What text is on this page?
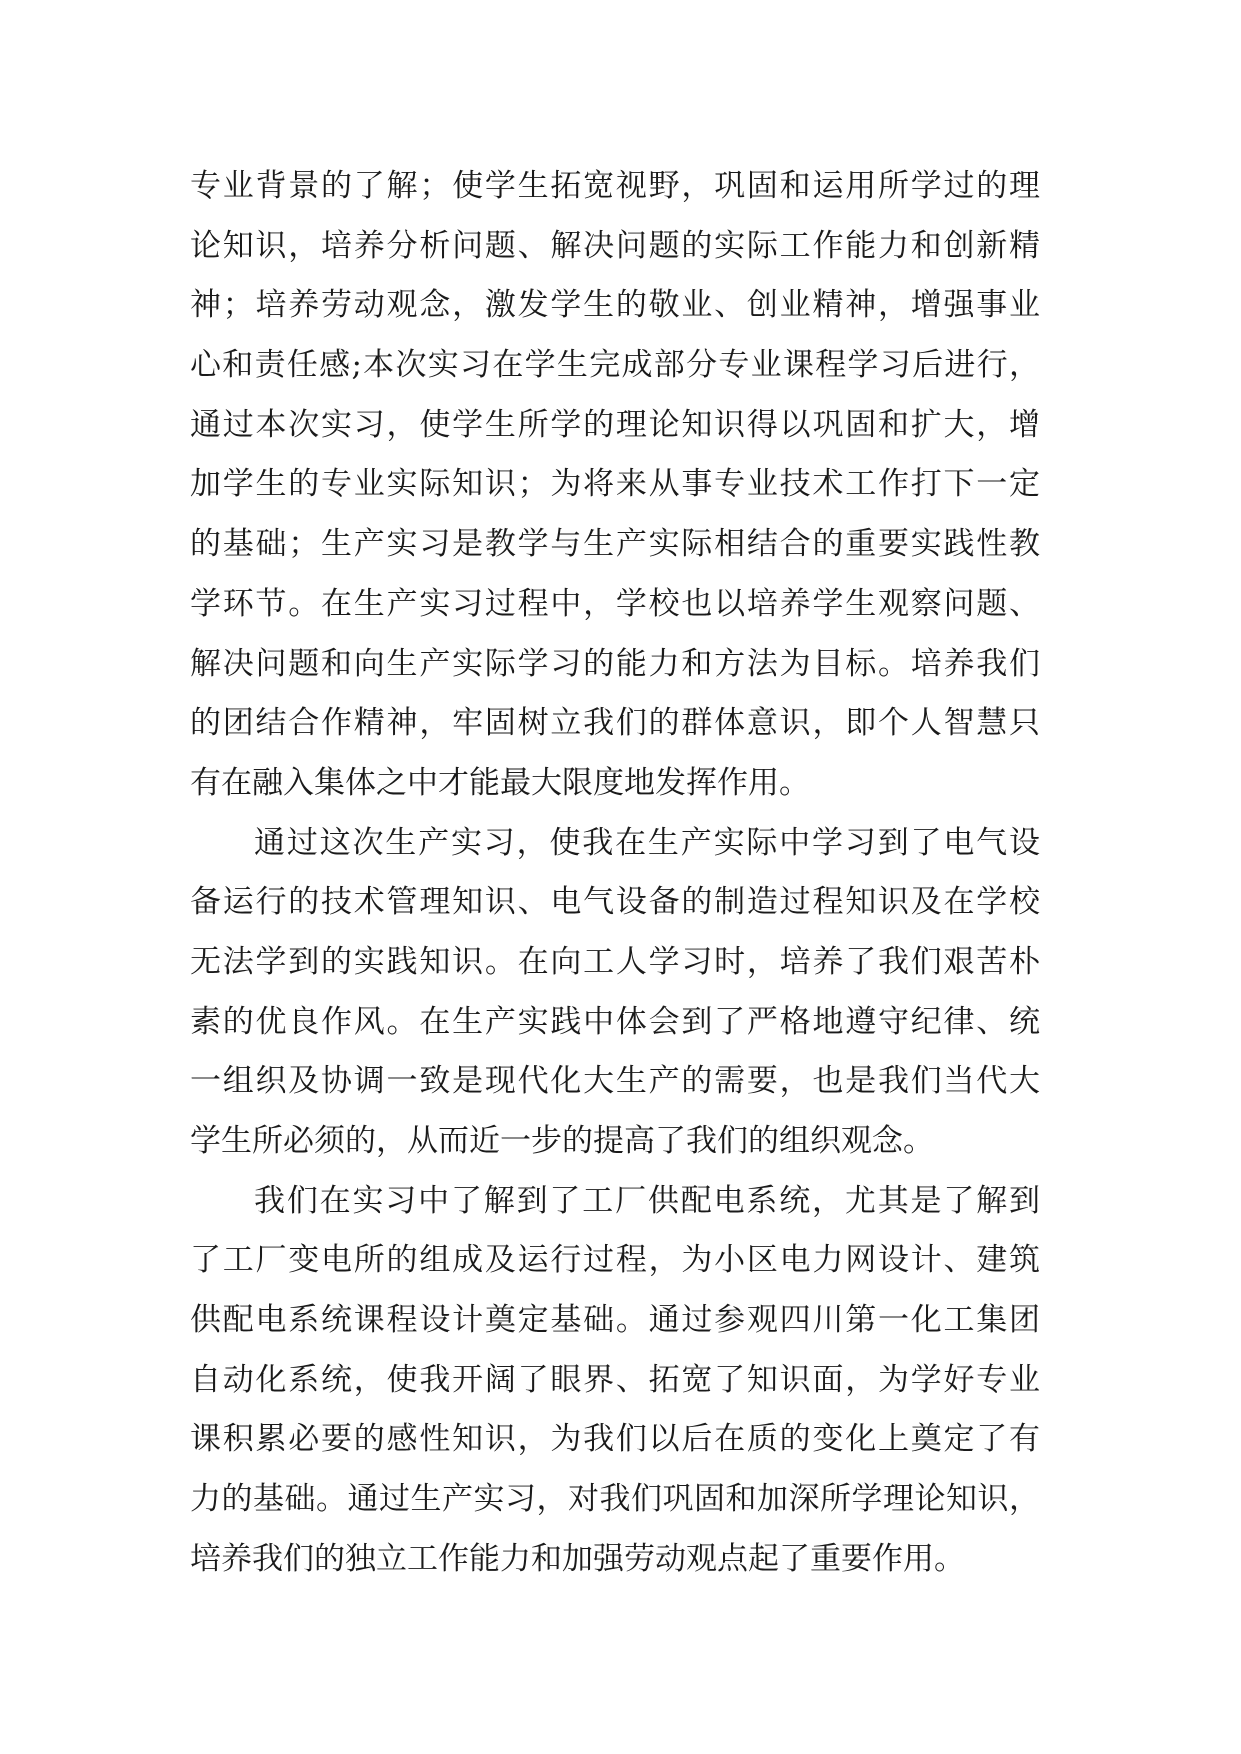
专业背景的了解；使学生拓宽视野，巩固和运用所学过的理
论知识，培养分析问题、解决问题的实际工作能力和创新精
神；培养劳动观念，激发学生的敬业、创业精神，增强事业
心和责任感;本次实习在学生完成部分专业课程学习后进行，
通过本次实习，使学生所学的理论知识得以巩固和扩大，增
加学生的专业实际知识；为将来从事专业技术工作打下一定
的基础；生产实习是教学与生产实际相结合的重要实践性教
学环节。在生产实习过程中，学校也以培养学生观察问题、
解决问题和向生产实际学习的能力和方法为目标。培养我们
的团结合作精神，牢固树立我们的群体意识，即个人智慧只
有在融入集体之中才能最大限度地发挥作用。
通过这次生产实习，使我在生产实际中学习到了电气设
备运行的技术管理知识、电气设备的制造过程知识及在学校
无法学到的实践知识。在向工人学习时，培养了我们艰苦朴
素的优良作风。在生产实践中体会到了严格地遵守纪律、统
一组织及协调一致是现代化大生产的需要，也是我们当代大
学生所必须的，从而近一步的提高了我们的组织观念。
我们在实习中了解到了工厂供配电系统，尤其是了解到
了工厂变电所的组成及运行过程，为小区电力网设计、建筑
供配电系统课程设计奠定基础。通过参观四川第一化工集团
自动化系统，使我开阔了眼界、拓宽了知识面，为学好专业
课积累必要的感性知识，为我们以后在质的变化上奠定了有
力的基础。通过生产实习，对我们巩固和加深所学理论知识，
培养我们的独立工作能力和加强劳动观点起了重要作用。
